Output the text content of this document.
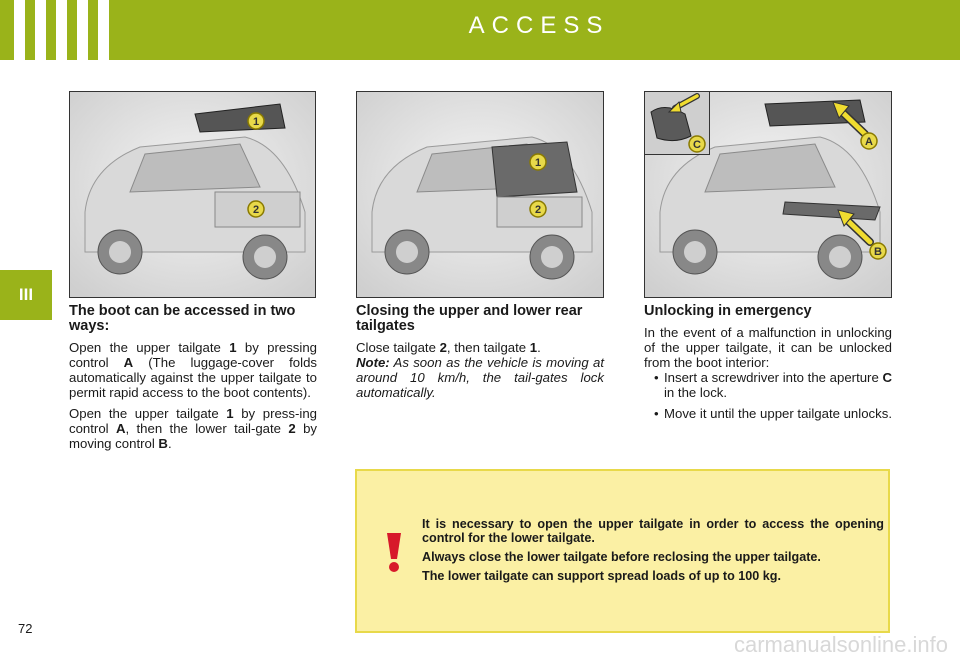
ACCESS
III
1
2
1
2
A
B
C
The boot can be accessed in two ways:

Open the upper tailgate 1 by pressing control A (The luggage-cover folds automatically against the upper tailgate to permit rapid access to the boot contents).

Open the upper tailgate 1 by press-ing control A, then the lower tail-gate 2 by moving control B.

Closing the upper and lower rear tailgates

Close tailgate 2, then tailgate 1.

Note: As soon as the vehicle is moving at around 10 km/h, the tail-gates lock automatically.

Unlocking in emergency

In the event of a malfunction in unlocking of the upper tailgate, it can be unlocked from the boot interior:

• Insert a screwdriver into the aperture C in the lock.
• Move it until the upper tailgate unlocks.

It is necessary to open the upper tailgate in order to access the opening control for the lower tailgate.

Always close the lower tailgate before reclosing the upper tailgate.

The lower tailgate can support spread loads of up to 100 kg.

72
carmanualsonline.info
